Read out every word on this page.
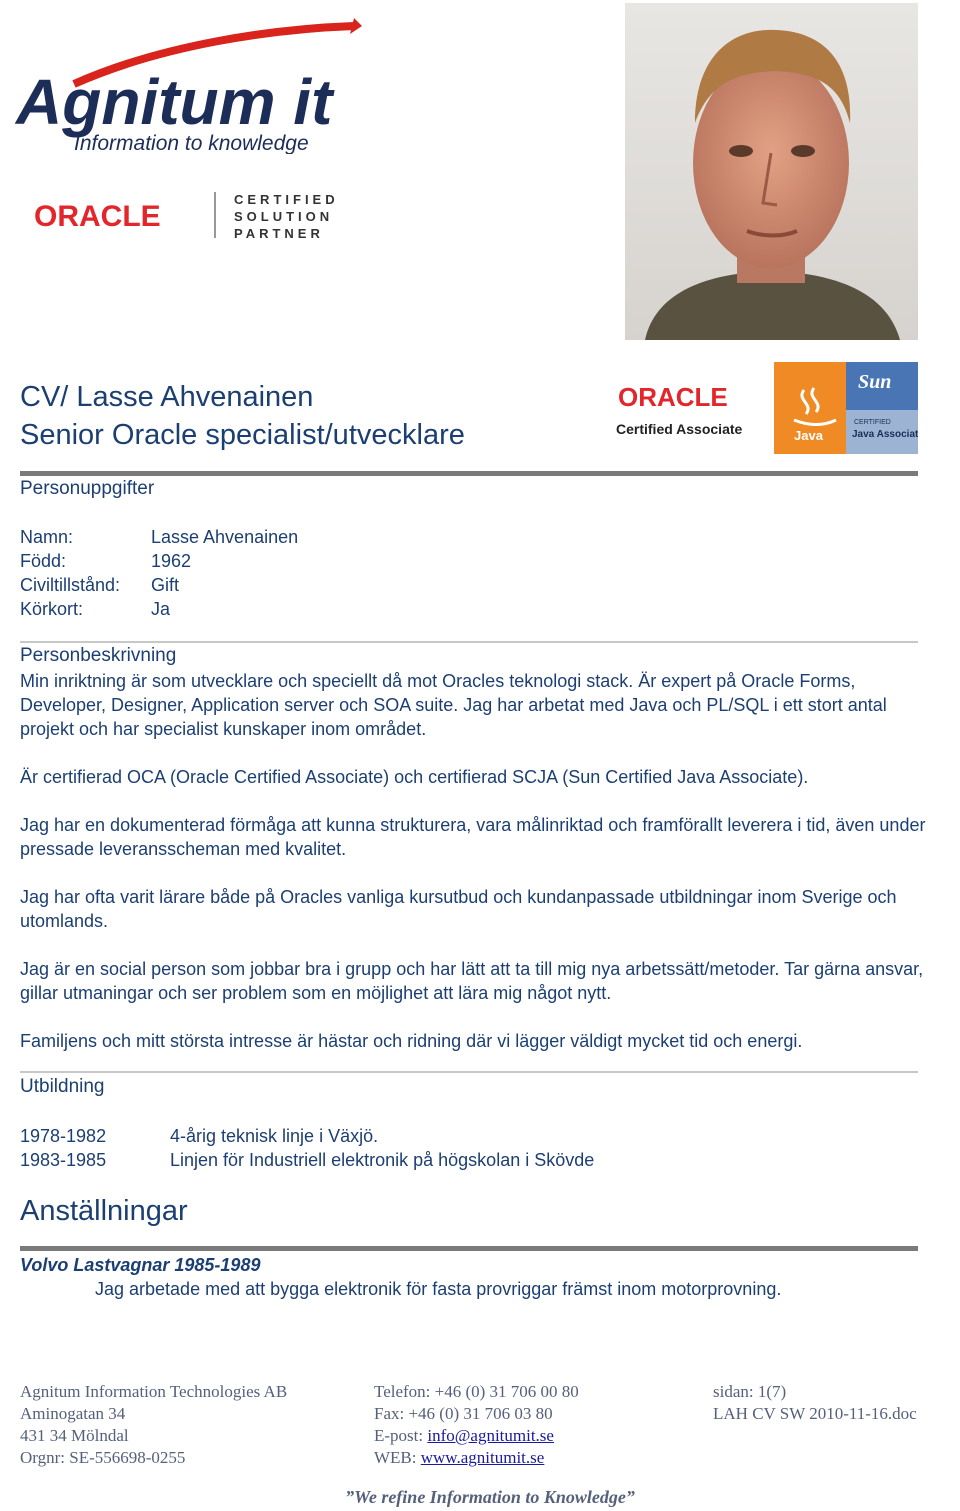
Agnitum it
Information to knowledge
ORACLE
CERTIFIED
SOLUTION
PARTNER
ORACLE
Certified Associate	Java
Sun
CERTIFIED
Java Associate
CV/ Lasse Ahvenainen
Senior Oracle specialist/utvecklare
Personuppgifter
Namn:	Lasse Ahvenainen
Född:	1962
Civiltillstånd:	Gift
Körkort:	Ja
Personbeskrivning
Min inriktning är som utvecklare och speciellt då mot Oracles teknologi stack. Är expert på Oracle Forms, Developer, Designer, Application server och SOA suite. Jag har arbetat med Java och PL/SQL i ett stort antal projekt och har specialist kunskaper inom området.
Är certifierad OCA (Oracle Certified Associate) och certifierad SCJA (Sun Certified Java Associate).
Jag har en dokumenterad förmåga att kunna strukturera, vara målinriktad och framförallt leverera i tid, även under pressade leveransscheman med kvalitet.
Jag har ofta varit lärare både på Oracles vanliga kursutbud och kundanpassade utbildningar inom Sverige och utomlands.
Jag är en social person som jobbar bra i grupp och har lätt att ta till mig nya arbetssätt/metoder. Tar gärna ansvar, gillar utmaningar och ser problem som en möjlighet att lära mig något nytt.
Familjens och mitt största intresse är hästar och ridning där vi lägger väldigt mycket tid och energi.
Utbildning
1978-1982	4-årig teknisk linje i Växjö.
1983-1985	Linjen för Industriell elektronik på högskolan i Skövde
Anställningar
Volvo Lastvagnar 1985-1989
Jag arbetade med att bygga elektronik för fasta provriggar främst inom motorprovning.
Agnitum Information Technologies AB
Aminogatan 34
431 34 Mölndal
Orgnr: SE-556698-0255
Telefon: +46 (0) 31 706 00 80
Fax: +46 (0) 31 706 03 80
E-post: info@agnitumit.se
WEB: www.agnitumit.se
sidan: 1(7)
LAH CV SW 2010-11-16.doc
”We refine Information to Knowledge”
